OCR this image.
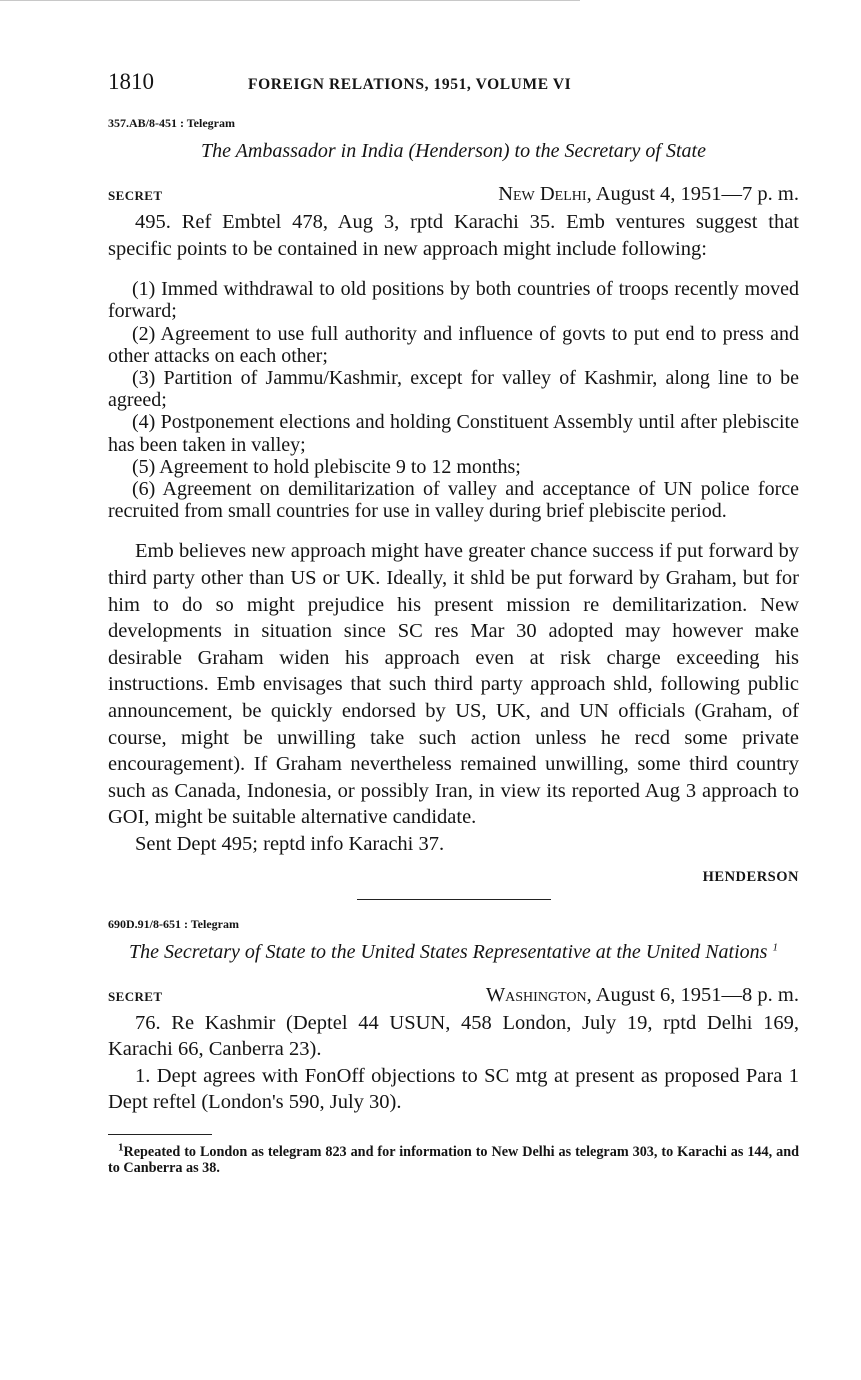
1810	FOREIGN RELATIONS, 1951, VOLUME VI
357.AB/8-451 : Telegram

The Ambassador in India (Henderson) to the Secretary of State

SECRET	New Delhi, August 4, 1951—7 p. m.

495. Ref Embtel 478, Aug 3, rptd Karachi 35. Emb ventures suggest that specific points to be contained in new approach might include following:

(1) Immed withdrawal to old positions by both countries of troops recently moved forward;
(2) Agreement to use full authority and influence of govts to put end to press and other attacks on each other;
(3) Partition of Jammu/Kashmir, except for valley of Kashmir, along line to be agreed;
(4) Postponement elections and holding Constituent Assembly until after plebiscite has been taken in valley;
(5) Agreement to hold plebiscite 9 to 12 months;
(6) Agreement on demilitarization of valley and acceptance of UN police force recruited from small countries for use in valley during brief plebiscite period.

Emb believes new approach might have greater chance success if put forward by third party other than US or UK. Ideally, it shld be put forward by Graham, but for him to do so might prejudice his present mission re demilitarization. New developments in situation since SC res Mar 30 adopted may however make desirable Graham widen his approach even at risk charge exceeding his instructions. Emb envisages that such third party approach shld, following public announcement, be quickly endorsed by US, UK, and UN officials (Graham, of course, might be unwilling take such action unless he recd some private encouragement). If Graham nevertheless remained unwilling, some third country such as Canada, Indonesia, or possibly Iran, in view its reported Aug 3 approach to GOI, might be suitable alternative candidate.

Sent Dept 495; reptd info Karachi 37.

HENDERSON
690D.91/8-651 : Telegram

The Secretary of State to the United States Representative at the United Nations $^1$

SECRET	Washington, August 6, 1951—8 p. m.

76. Re Kashmir (Deptel 44 USUN, 458 London, July 19, rptd Delhi 169, Karachi 66, Canberra 23).

1. Dept agrees with FonOff objections to SC mtg at present as proposed Para 1 Dept reftel (London's 590, July 30).

$^1$Repeated to London as telegram 823 and for information to New Delhi as telegram 303, to Karachi as 144, and to Canberra as 38.
